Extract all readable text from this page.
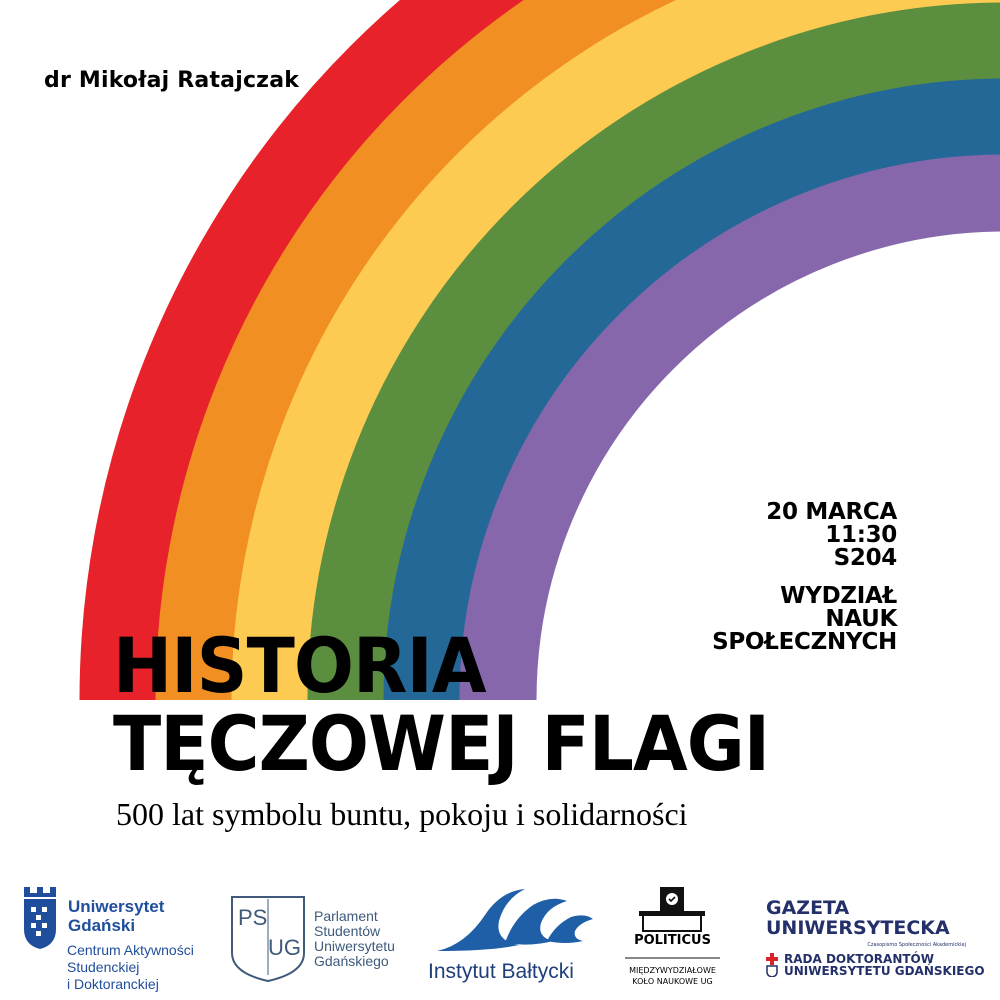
dr Mikołaj Ratajczak
20 MARCA
11:30
S204
WYDZIAŁ
NAUK
SPOŁECZNYCH
HISTORIA
TĘCZOWEJ FLAGI
500 lat symbolu buntu, pokoju i solidarności
Uniwersytet
Gdański
Centrum Aktywności
Studenckiej
i Doktoranckiej
PS
UG
Parlament
Studentów
Uniwersytetu
Gdańskiego Instytut Bałtycki
POLITICUS
MIĘDZYWYDZIAŁOWE
KOŁO NAUKOWE UG
GAZETA
UNIWERSYTECKA
Czasopismo Społeczności Akademickiej
RADA DOKTORANTÓW
UNIWERSYTETU GDAŃSKIEGO
